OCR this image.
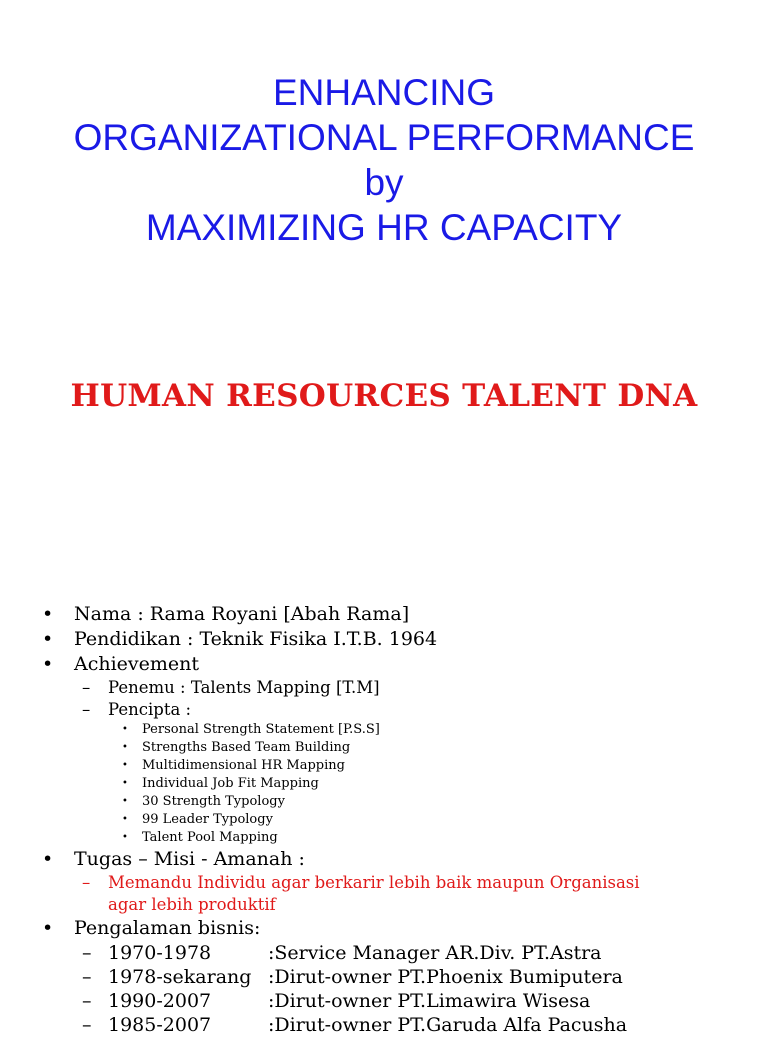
ENHANCING
ORGANIZATIONAL PERFORMANCE
by
MAXIMIZING HR CAPACITY
HUMAN RESOURCES TALENT DNA
• Nama : Rama Royani [Abah Rama]
• Pendidikan : Teknik Fisika I.T.B. 1964
• Achievement
– Penemu : Talents Mapping [T.M]
– Pencipta :
• Personal Strength Statement [P.S.S]
• Strengths Based Team Building
• Multidimensional HR Mapping
• Individual Job Fit Mapping
• 30 Strength Typology
• 99 Leader Typology
• Talent Pool Mapping
• Tugas – Misi - Amanah :
– Memandu Individu agar berkarir lebih baik maupun Organisasi
agar lebih produktif
• Pengalaman bisnis:
– 1970-1978	:Service Manager AR.Div. PT.Astra
– 1978-sekarang :Dirut-owner PT.Phoenix Bumiputera
– 1990-2007	:Dirut-owner PT.Limawira Wisesa
– 1985-2007	:Dirut-owner PT.Garuda Alfa Pacusha
